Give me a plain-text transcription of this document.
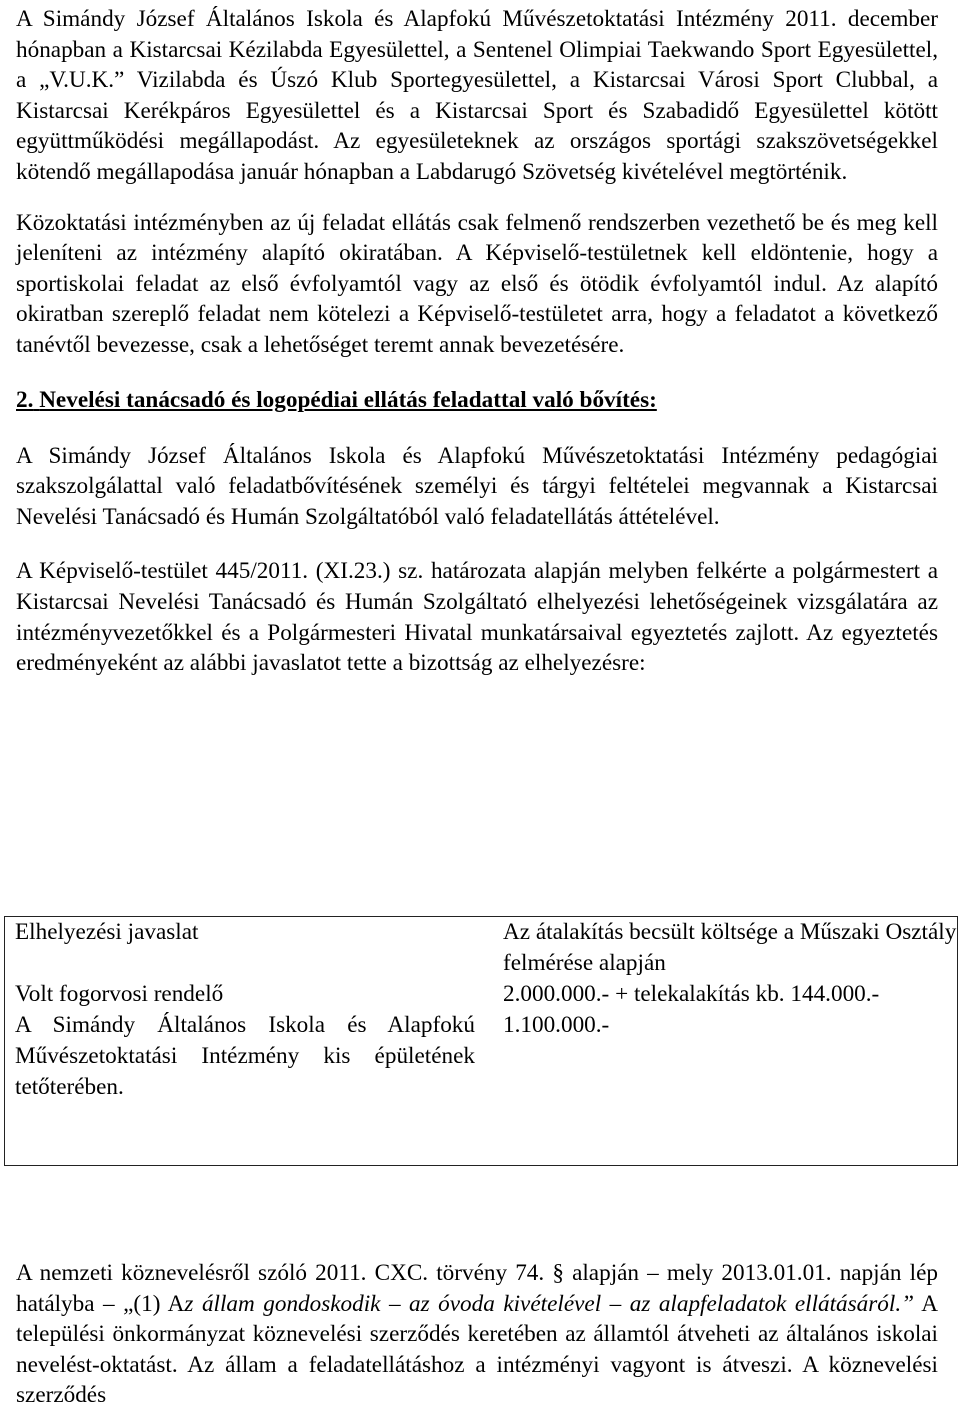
A Simándy József Általános Iskola és Alapfokú Művészetoktatási Intézmény 2011. december hónapban a Kistarcsai Kézilabda Egyesülettel, a Sentenel Olimpiai Taekwando Sport Egyesülettel, a „V.U.K.” Vizilabda és Úszó Klub Sportegyesülettel, a Kistarcsai Városi Sport Clubbal, a Kistarcsai Kerékpáros Egyesülettel és a Kistarcsai Sport és Szabadidő Egyesülettel kötött együttműködési megállapodást. Az egyesületeknek az országos sportági szakszövetségekkel kötendő megállapodása január hónapban a Labdarugó Szövetség kivételével megtörténik.

Közoktatási intézményben az új feladat ellátás csak felmenő rendszerben vezethető be és meg kell jeleníteni az intézmény alapító okiratában. A Képviselő-testületnek kell eldöntenie, hogy a sportiskolai feladat az első évfolyamtól vagy az első és ötödik évfolyamtól indul. Az alapító okiratban szereplő feladat nem kötelezi a Képviselő-testületet arra, hogy a feladatot a következő tanévtől bevezesse, csak a lehetőséget teremt annak bevezetésére.

2. Nevelési tanácsadó és logopédiai ellátás feladattal való bővítés:

A Simándy József Általános Iskola és Alapfokú Művészetoktatási Intézmény pedagógiai szakszolgálattal való feladatbővítésének személyi és tárgyi feltételei megvannak a Kistarcsai Nevelési Tanácsadó és Humán Szolgáltatóból való feladatellátás áttételével.

A Képviselő-testület 445/2011. (XI.23.) sz. határozata alapján melyben felkérte a polgármestert a Kistarcsai Nevelési Tanácsadó és Humán Szolgáltató elhelyezési lehetőségeinek vizsgálatára az intézményvezetőkkel és a Polgármesteri Hivatal munkatársaival egyeztetés zajlott. Az egyeztetés eredményeként az alábbi javaslatot tette a bizottság az elhelyezésre:

Elhelyezési javaslat	Az átalakítás becsült költsége a Műszaki Osztály felmérése alapján
Volt fogorvosi rendelő	2.000.000.- + telekalakítás kb. 144.000.-
A Simándy Általános Iskola és Alapfokú Művészetoktatási Intézmény kis épületének tetőterében.	1.100.000.-

A nemzeti köznevelésről szóló 2011. CXC. törvény 74. § alapján – mely 2013.01.01. napján lép hatályba – „(1) Az állam gondoskodik – az óvoda kivételével – az alapfeladatok ellátásáról.” A települési önkormányzat köznevelési szerződés keretében az államtól átveheti az általános iskolai nevelést-oktatást. Az állam a feladatellátáshoz a intézményi vagyont is átveszi. A köznevelési szerződés
